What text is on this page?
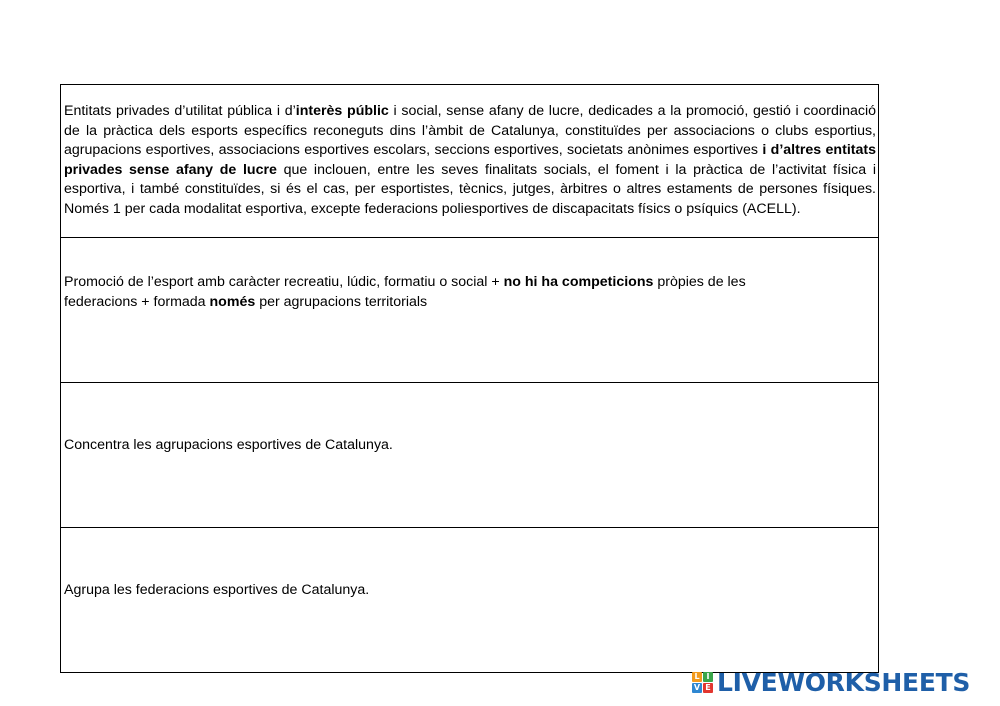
Entitats privades d’utilitat pública i d’interès públic i social, sense afany de lucre, dedicades a la promoció, gestió i coordinació de la pràctica dels esports específics reconeguts dins l’àmbit de Catalunya, constituïdes per associacions o clubs esportius, agrupacions esportives, associacions esportives escolars, seccions esportives, societats anònimes esportives i d’altres entitats privades sense afany de lucre que inclouen, entre les seves finalitats socials, el foment i la pràctica de l’activitat física i esportiva, i també constituïdes, si és el cas, per esportistes, tècnics, jutges, àrbitres o altres estaments de persones físiques. Només 1 per cada modalitat esportiva, excepte federacions poliesportives de discapacitats físics o psíquics (ACELL).
Promoció de l’esport amb caràcter recreatiu, lúdic, formatiu o social + no hi ha competicions pròpies de les federacions + formada només per agrupacions territorials
Concentra les agrupacions esportives de Catalunya.
Agrupa les federacions esportives de Catalunya.
L I
V E LIVEWORKSHEETS
